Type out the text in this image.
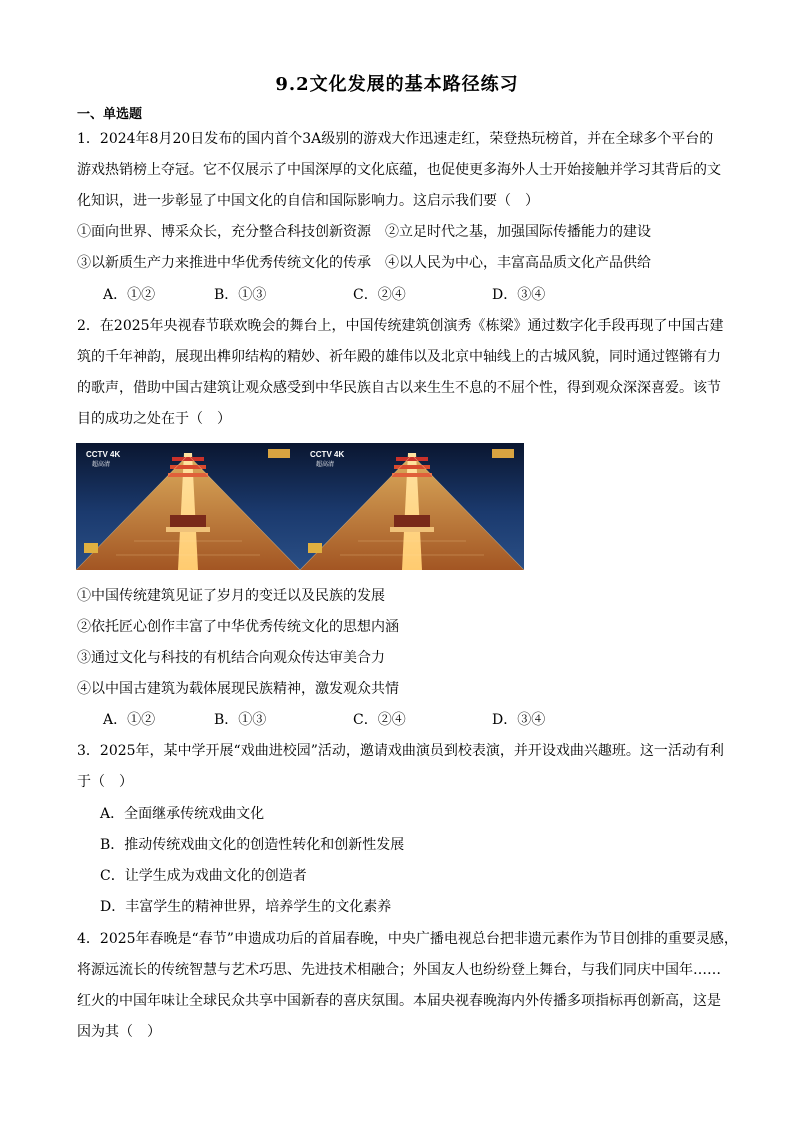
9.2文化发展的基本路径练习
一、单选题
1．2024年8月20日发布的国内首个3A级别的游戏大作迅速走红，荣登热玩榜首，并在全球多个平台的
游戏热销榜上夺冠。它不仅展示了中国深厚的文化底蕴，也促使更多海外人士开始接触并学习其背后的文
化知识，进一步彰显了中国文化的自信和国际影响力。这启示我们要（　）
①面向世界、博采众长，充分整合科技创新资源　②立足时代之基，加强国际传播能力的建设
③以新质生产力来推进中华优秀传统文化的传承　④以人民为中心，丰富高品质文化产品供给
A．①②	B．①③	C．②④	D．③④
2．在2025年央视春节联欢晚会的舞台上，中国传统建筑创演秀《栋梁》通过数字化手段再现了中国古建
筑的千年神韵，展现出榫卯结构的精妙、祈年殿的雄伟以及北京中轴线上的古城风貌，同时通过铿锵有力
的歌声，借助中国古建筑让观众感受到中华民族自古以来生生不息的不屈个性，得到观众深深喜爱。该节
目的成功之处在于（　）
CCTV 4K
超高清
CCTV 4K
超高清
①中国传统建筑见证了岁月的变迁以及民族的发展
②依托匠心创作丰富了中华优秀传统文化的思想内涵
③通过文化与科技的有机结合向观众传达审美合力
④以中国古建筑为载体展现民族精神，激发观众共情
A．①②	B．①③	C．②④	D．③④
3．2025年，某中学开展“戏曲进校园”活动，邀请戏曲演员到校表演，并开设戏曲兴趣班。这一活动有利
于（　）
A．全面继承传统戏曲文化
B．推动传统戏曲文化的创造性转化和创新性发展
C．让学生成为戏曲文化的创造者
D．丰富学生的精神世界，培养学生的文化素养
4．2025年春晚是“春节”申遗成功后的首届春晚，中央广播电视总台把非遗元素作为节目创排的重要灵感，
将源远流长的传统智慧与艺术巧思、先进技术相融合；外国友人也纷纷登上舞台，与我们同庆中国年……
红火的中国年味让全球民众共享中国新春的喜庆氛围。本届央视春晚海内外传播多项指标再创新高，这是
因为其（　）
